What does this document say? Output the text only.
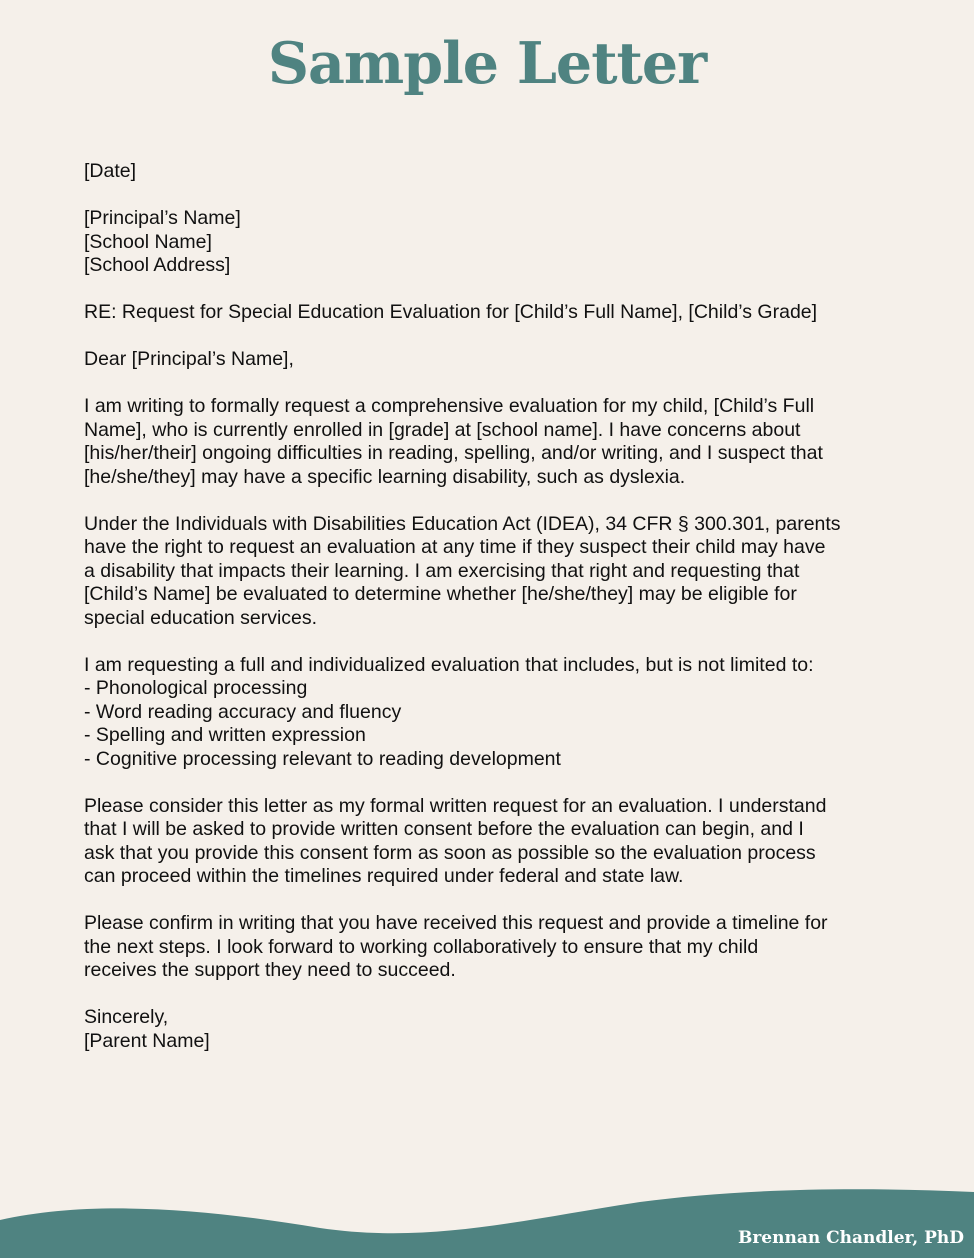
Sample Letter

[Date]

[Principal’s Name]
[School Name]
[School Address]

RE: Request for Special Education Evaluation for [Child’s Full Name], [Child’s Grade]

Dear [Principal’s Name],

I am writing to formally request a comprehensive evaluation for my child, [Child’s Full
Name], who is currently enrolled in [grade] at [school name]. I have concerns about
[his/her/their] ongoing difficulties in reading, spelling, and/or writing, and I suspect that
[he/she/they] may have a specific learning disability, such as dyslexia.

Under the Individuals with Disabilities Education Act (IDEA), 34 CFR § 300.301, parents
have the right to request an evaluation at any time if they suspect their child may have
a disability that impacts their learning. I am exercising that right and requesting that
[Child’s Name] be evaluated to determine whether [he/she/they] may be eligible for
special education services.

I am requesting a full and individualized evaluation that includes, but is not limited to:
- Phonological processing
- Word reading accuracy and fluency
- Spelling and written expression
- Cognitive processing relevant to reading development

Please consider this letter as my formal written request for an evaluation. I understand
that I will be asked to provide written consent before the evaluation can begin, and I
ask that you provide this consent form as soon as possible so the evaluation process
can proceed within the timelines required under federal and state law.

Please confirm in writing that you have received this request and provide a timeline for
the next steps. I look forward to working collaboratively to ensure that my child
receives the support they need to succeed.

Sincerely,
[Parent Name]

Brennan Chandler, PhD
